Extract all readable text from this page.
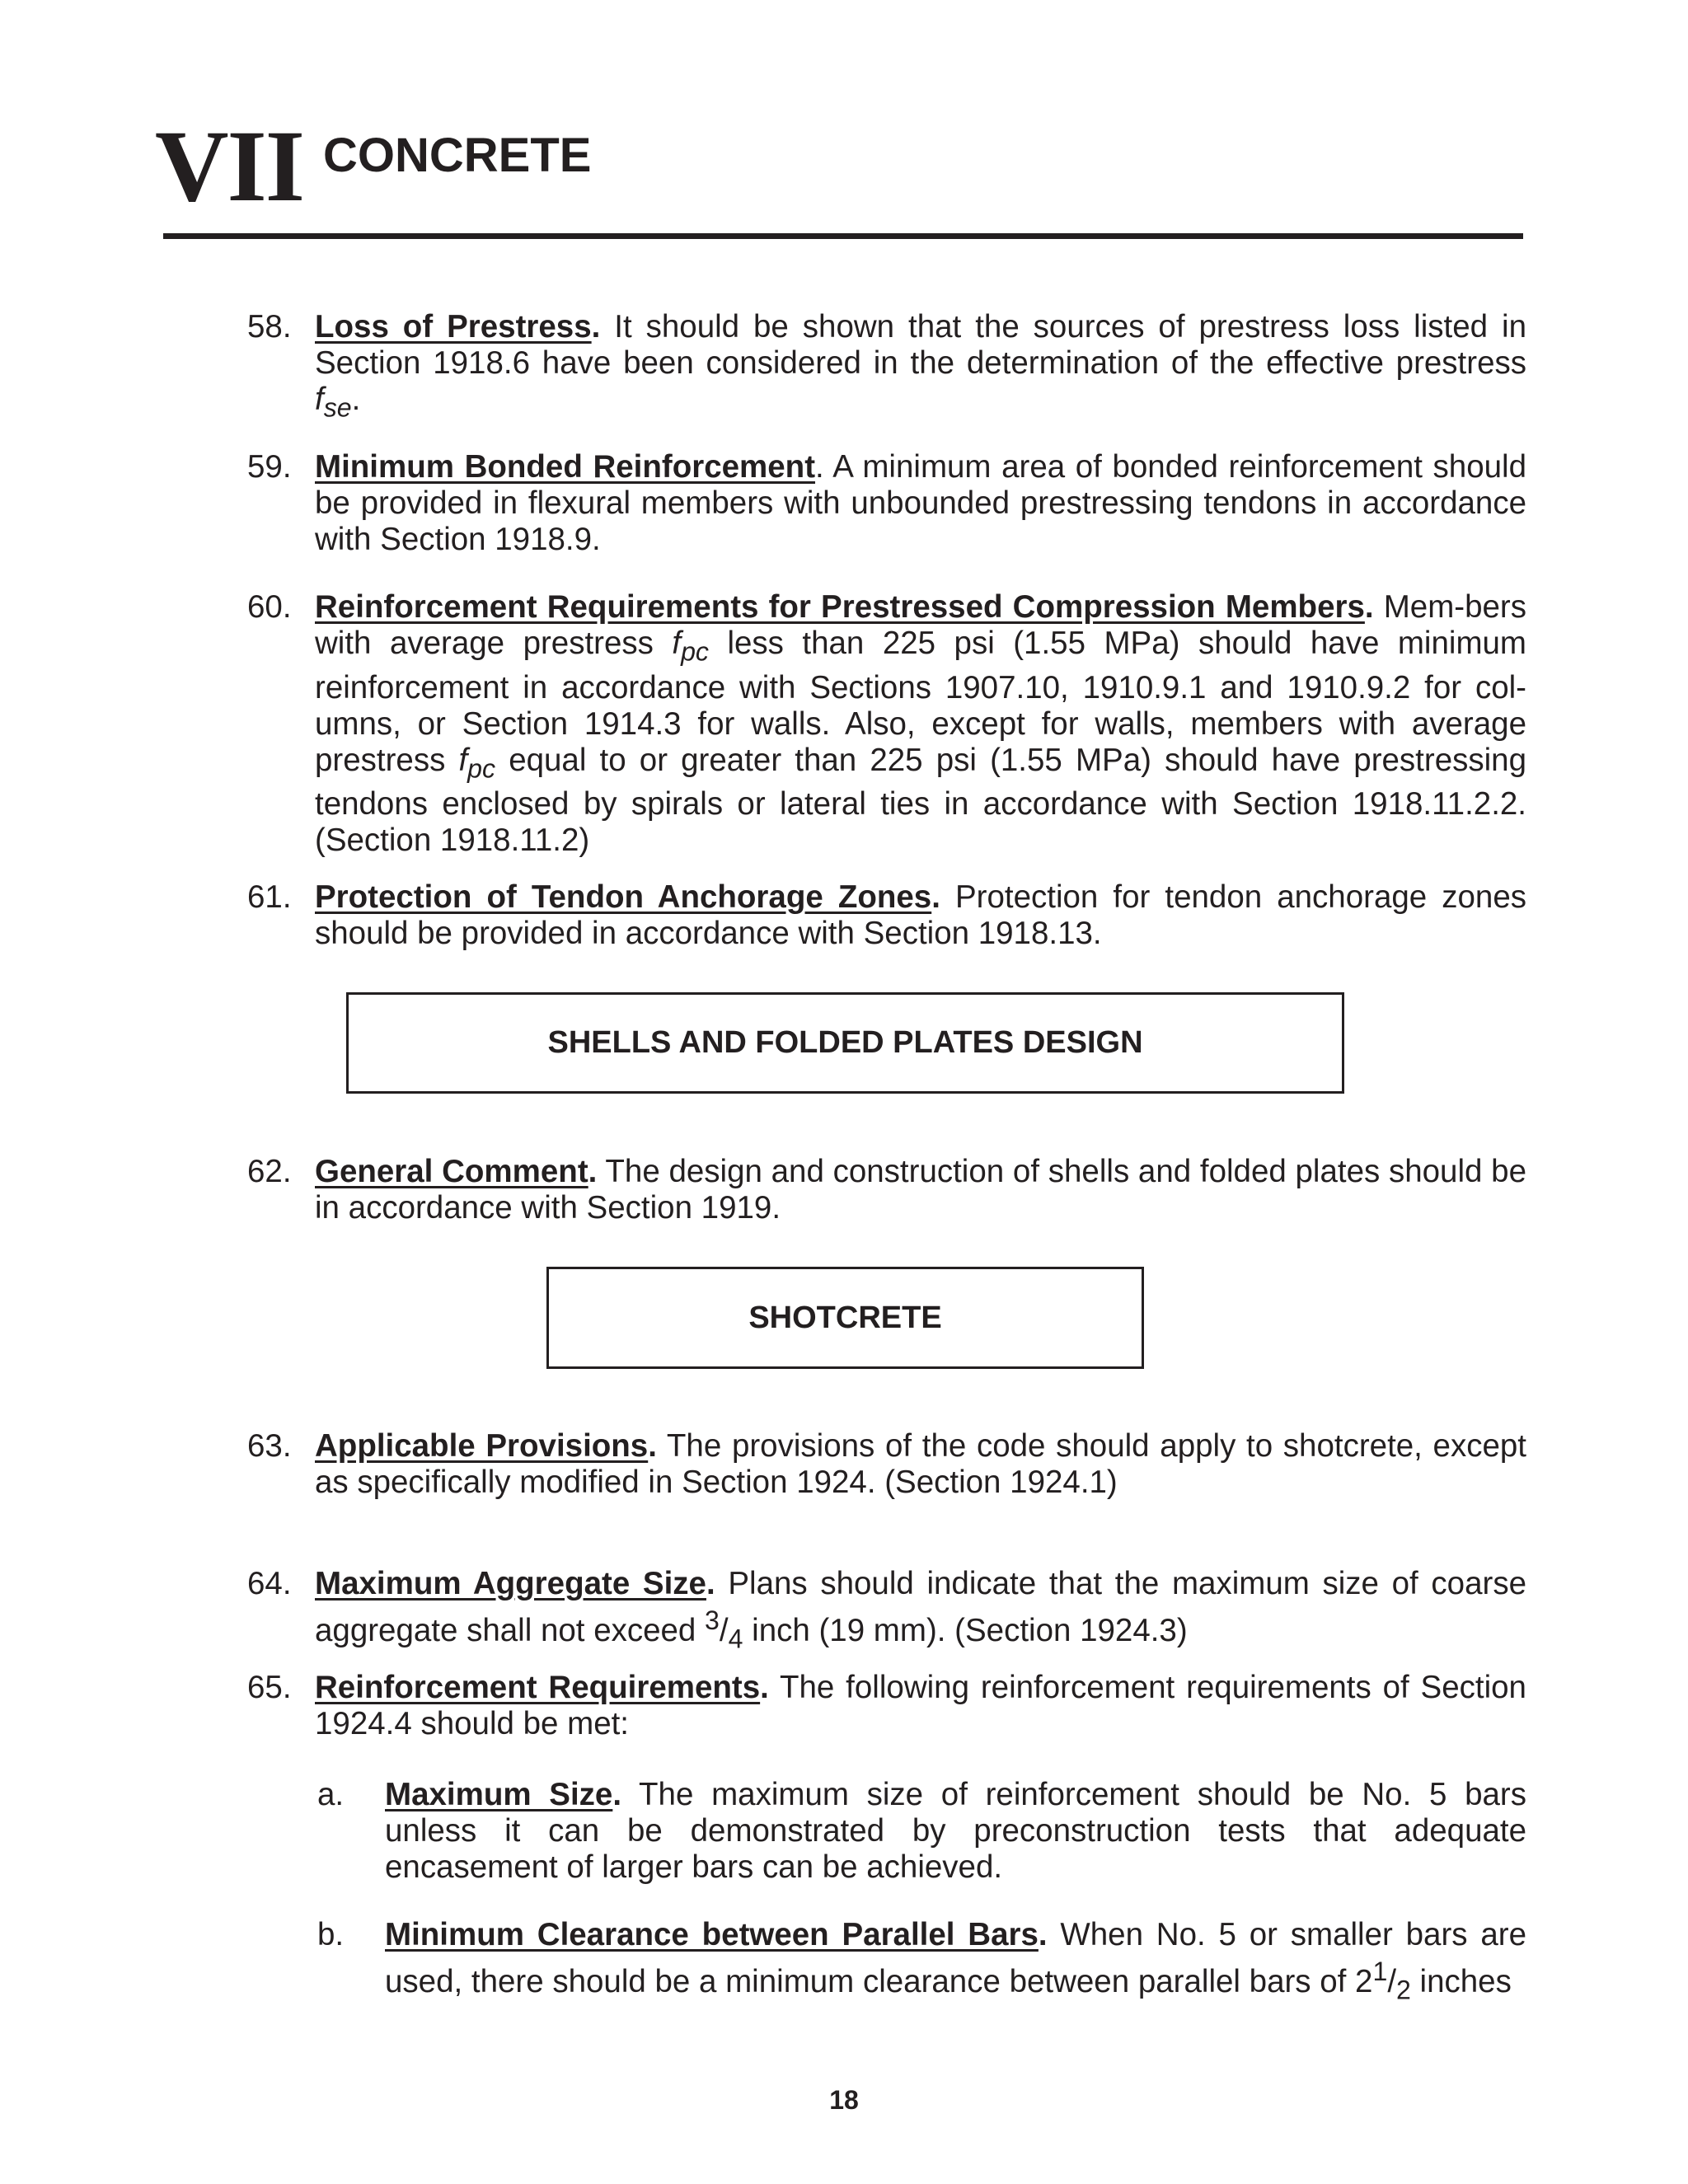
VII CONCRETE
58. Loss of Prestress. It should be shown that the sources of prestress loss listed in Section 1918.6 have been considered in the determination of the effective prestress $f_{se}$.
59. Minimum Bonded Reinforcement. A minimum area of bonded reinforcement should be provided in flexural members with unbounded prestressing tendons in accordance with Section 1918.9.
60. Reinforcement Requirements for Prestressed Compression Members. Mem-bers with average prestress $f_{pc}$ less than 225 psi (1.55 MPa) should have minimum reinforcement in accordance with Sections 1907.10, 1910.9.1 and 1910.9.2 for col-umns, or Section 1914.3 for walls. Also, except for walls, members with average prestress $f_{pc}$ equal to or greater than 225 psi (1.55 MPa) should have prestressing tendons enclosed by spirals or lateral ties in accordance with Section 1918.11.2.2. (Section 1918.11.2)
61. Protection of Tendon Anchorage Zones. Protection for tendon anchorage zones should be provided in accordance with Section 1918.13.
SHELLS AND FOLDED PLATES DESIGN
62. General Comment. The design and construction of shells and folded plates should be in accordance with Section 1919.
SHOTCRETE
63. Applicable Provisions. The provisions of the code should apply to shotcrete, except as specifically modified in Section 1924. (Section 1924.1)
64. Maximum Aggregate Size. Plans should indicate that the maximum size of coarse aggregate shall not exceed $^3/_4$ inch (19 mm). (Section 1924.3)
65. Reinforcement Requirements. The following reinforcement requirements of Section 1924.4 should be met:
a. Maximum Size. The maximum size of reinforcement should be No. 5 bars unless it can be demonstrated by preconstruction tests that adequate encasement of larger bars can be achieved.
b. Minimum Clearance between Parallel Bars. When No. 5 or smaller bars are used, there should be a minimum clearance between parallel bars of $2^1/_2$ inches
18
